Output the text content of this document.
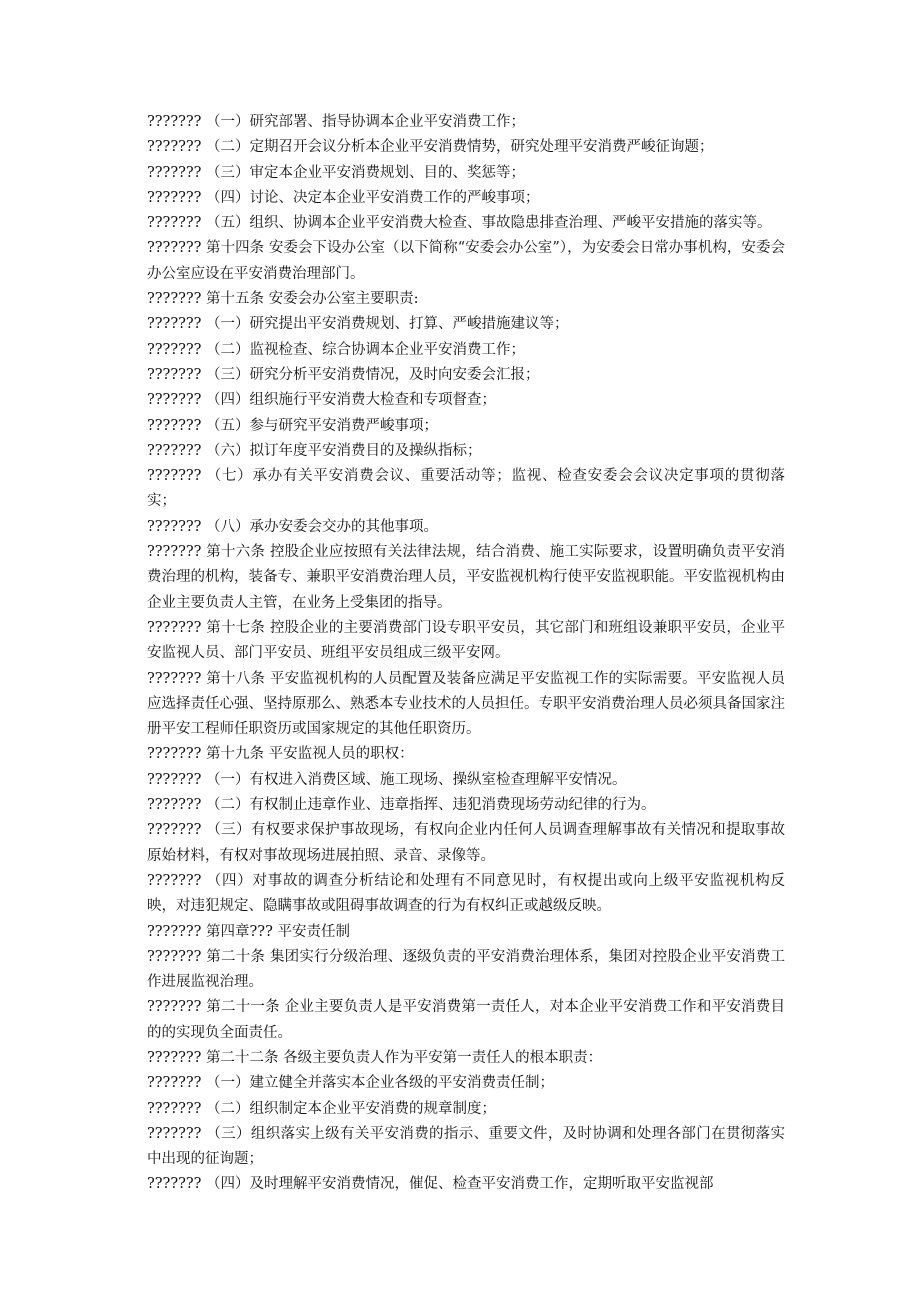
??????? （一）研究部署、指导协调本企业平安消费工作；

??????? （二）定期召开会议分析本企业平安消费情势，研究处理平安消费严峻征询题；

??????? （三）审定本企业平安消费规划、目的、奖惩等；

??????? （四）讨论、决定本企业平安消费工作的严峻事项；

??????? （五）组织、协调本企业平安消费大检查、事故隐患排查治理、严峻平安措施的落实等。

??????? 第十四条 安委会下设办公室（以下简称“安委会办公室”），为安委会日常办事机构，安委会办公室应设在平安消费治理部门。

??????? 第十五条 安委会办公室主要职责:

??????? （一）研究提出平安消费规划、打算、严峻措施建议等；

??????? （二）监视检查、综合协调本企业平安消费工作；

??????? （三）研究分析平安消费情况，及时向安委会汇报；

??????? （四）组织施行平安消费大检查和专项督查；

??????? （五）参与研究平安消费严峻事项；

??????? （六）拟订年度平安消费目的及操纵指标；

??????? （七）承办有关平安消费会议、重要活动等；监视、检查安委会会议决定事项的贯彻落实；

??????? （八）承办安委会交办的其他事项。

??????? 第十六条 控股企业应按照有关法律法规，结合消费、施工实际要求，设置明确负责平安消费治理的机构，装备专、兼职平安消费治理人员，平安监视机构行使平安监视职能。平安监视机构由企业主要负责人主管，在业务上受集团的指导。

??????? 第十七条 控股企业的主要消费部门设专职平安员，其它部门和班组设兼职平安员，企业平安监视人员、部门平安员、班组平安员组成三级平安网。

??????? 第十八条 平安监视机构的人员配置及装备应满足平安监视工作的实际需要。平安监视人员应选择责任心强、坚持原那么、熟悉本专业技术的人员担任。专职平安消费治理人员必须具备国家注册平安工程师任职资历或国家规定的其他任职资历。

??????? 第十九条 平安监视人员的职权：

??????? （一）有权进入消费区域、施工现场、操纵室检查理解平安情况。

??????? （二）有权制止违章作业、违章指挥、违犯消费现场劳动纪律的行为。

??????? （三）有权要求保护事故现场，有权向企业内任何人员调查理解事故有关情况和提取事故原始材料，有权对事故现场进展拍照、录音、录像等。

??????? （四）对事故的调查分析结论和处理有不同意见时，有权提出或向上级平安监视机构反映，对违犯规定、隐瞒事故或阻碍事故调查的行为有权纠正或越级反映。

??????? 第四章??? 平安责任制

??????? 第二十条 集团实行分级治理、逐级负责的平安消费治理体系，集团对控股企业平安消费工作进展监视治理。

??????? 第二十一条 企业主要负责人是平安消费第一责任人，对本企业平安消费工作和平安消费目的的实现负全面责任。

??????? 第二十二条 各级主要负责人作为平安第一责任人的根本职责：

??????? （一）建立健全并落实本企业各级的平安消费责任制；

??????? （二）组织制定本企业平安消费的规章制度；

??????? （三）组织落实上级有关平安消费的指示、重要文件，及时协调和处理各部门在贯彻落实中出现的征询题；

??????? （四）及时理解平安消费情况，催促、检查平安消费工作，定期听取平安监视部
